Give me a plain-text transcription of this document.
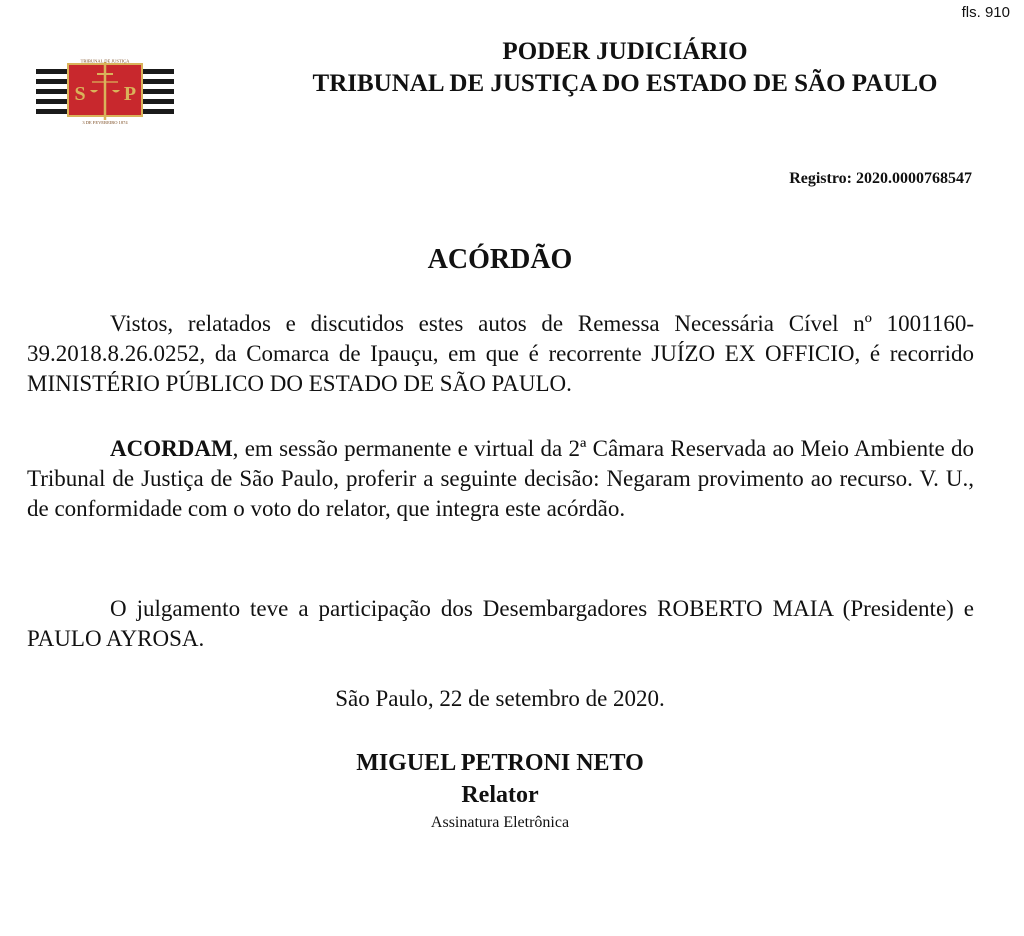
fls. 910
S P
TRIBUNAL DE JUSTIÇA
3 DE FEVEREIRO 1874
PODER JUDICIÁRIO
TRIBUNAL DE JUSTIÇA DO ESTADO DE SÃO PAULO
Registro: 2020.0000768547
ACÓRDÃO
Vistos, relatados e discutidos estes autos de Remessa Necessária Cível nº 1001160-39.2018.8.26.0252, da Comarca de Ipauçu, em que é recorrente JUÍZO EX OFFICIO, é recorrido MINISTÉRIO PÚBLICO DO ESTADO DE SÃO PAULO.
ACORDAM, em sessão permanente e virtual da 2ª Câmara Reservada ao Meio Ambiente do Tribunal de Justiça de São Paulo, proferir a seguinte decisão: Negaram provimento ao recurso. V. U., de conformidade com o voto do relator, que integra este acórdão.
O julgamento teve a participação dos Desembargadores ROBERTO MAIA (Presidente) e PAULO AYROSA.
São Paulo, 22 de setembro de 2020.
MIGUEL PETRONI NETO
Relator
Assinatura Eletrônica
